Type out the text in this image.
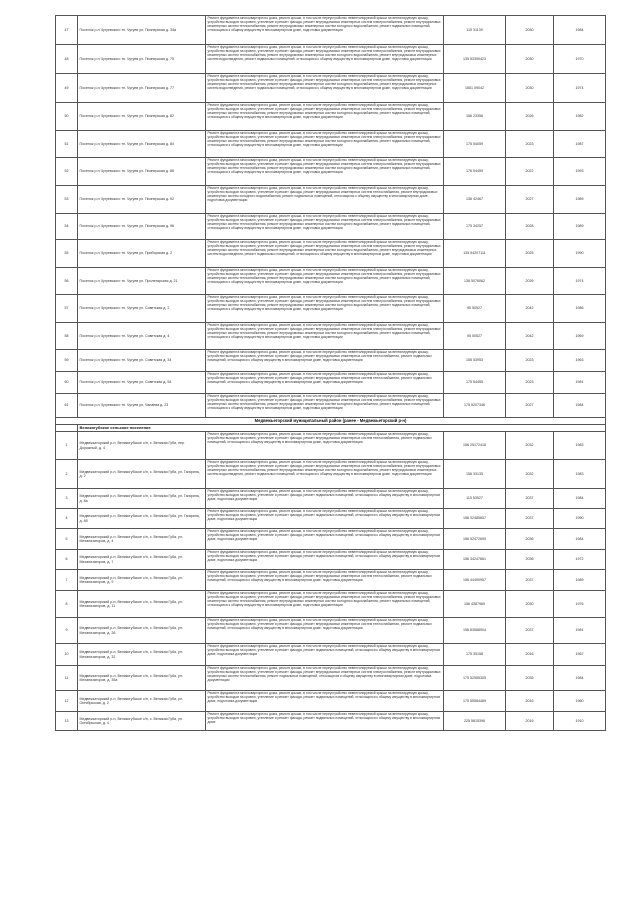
47	Поселок р-н Чугуевского тп. Чугуев ул. Пионерская д. 34а	Ремонт фундамента многоквартирного дома, ремонт крыши, в том числе переустройство невентилируемой крыши на вентилируемую крышу, устройство выходов на кровлю, утепление и ремонт фасада, ремонт внутридомовых инженерных систем электроснабжения, ремонт внутридомовых инженерных систем теплоснабжения, ремонт внутридомовых инженерных систем холодного водоснабжения, ремонт подвальных помещений, относящихся к общему имуществу в многоквартирном доме, подготовка документации	115 31139	2030	1984
48	Поселок р-н Чугуевского тп. Чугуев ул. Пионерская д. 75	Ремонт фундамента многоквартирного дома, ремонт крыши, в том числе переустройство невентилируемой крыши на вентилируемую крышу, устройство выходов на кровлю, утепление и ремонт фасада, ремонт внутридомовых инженерных систем электроснабжения, ремонт внутридомовых инженерных систем теплоснабжения, ремонт внутридомовых инженерных систем холодного водоснабжения, ремонт внутридомовых инженерных систем водоотведения, ремонт подвальных помещений, относящихся к общему имуществу в многоквартирном доме, подготовка документации	135 53390423	2030	1970
49	Поселок р-н Чугуевского тп. Чугуев ул. Пионерская д. 77	Ремонт фундамента многоквартирного дома, ремонт крыши, в том числе переустройство невентилируемой крыши на вентилируемую крышу, устройство выходов на кровлю, утепление и ремонт фасада, ремонт внутридомовых инженерных систем электроснабжения, ремонт внутридомовых инженерных систем теплоснабжения, ремонт внутридомовых инженерных систем холодного водоснабжения, ремонт внутридомовых инженерных систем водоотведения, ремонт подвальных помещений, относящихся к общему имуществу в многоквартирном доме, подготовка документации	1651 09042	2030	1974
50	Поселок р-н Чугуевского тп. Чугуев ул. Пионерская д. 82	Ремонт фундамента многоквартирного дома, ремонт крыши, в том числе переустройство невентилируемой крыши на вентилируемую крышу, устройство выходов на кровлю, утепление и ремонт фасада, ремонт внутридомовых инженерных систем электроснабжения, ремонт внутридомовых инженерных систем теплоснабжения, ремонт внутридомовых инженерных систем холодного водоснабжения, ремонт подвальных помещений, относящихся к общему имуществу в многоквартирном доме, подготовка документации	156 23356	2026	1982
51	Поселок р-н Чугуевского тп. Чугуев ул. Пионерская д. 84	Ремонт фундамента многоквартирного дома, ремонт крыши, в том числе переустройство невентилируемой крыши на вентилируемую крышу, устройство выходов на кровлю, утепление и ремонт фасада, ремонт внутридомовых инженерных систем электроснабжения, ремонт внутридомовых инженерных систем теплоснабжения, ремонт внутридомовых инженерных систем холодного водоснабжения, ремонт подвальных помещений, относящихся к общему имуществу в многоквартирном доме, подготовка документации	175 54059	2023	1987
52	Поселок р-н Чугуевского тп. Чугуев ул. Пионерская д. 86	Ремонт фундамента многоквартирного дома, ремонт крыши, в том числе переустройство невентилируемой крыши на вентилируемую крышу, устройство выходов на кровлю, утепление и ремонт фасада, ремонт внутридомовых инженерных систем электроснабжения, ремонт внутридомовых инженерных систем теплоснабжения, ремонт внутридомовых инженерных систем холодного водоснабжения, ремонт подвальных помещений, относящихся к общему имуществу в многоквартирном доме, подготовка документации	176 54459	2022	1993
53	Поселок р-н Чугуевского тп. Чугуев ул. Пионерская д. 92	Ремонт фундамента многоквартирного дома, ремонт крыши, в том числе переустройство невентилируемой крыши на вентилируемую крышу, устройство выходов на кровлю, утепление и ремонт фасада, ремонт внутридомовых инженерных систем теплоснабжения, ремонт внутридомовых инженерных систем холодного водоснабжения, ремонт подвальных помещений, относящихся к общему имуществу в многоквартирном доме, подготовка документации	136 42467	2027	1989
54	Поселок р-н Чугуевского тп. Чугуев ул. Пионерская д. 96	Ремонт фундамента многоквартирного дома, ремонт крыши, в том числе переустройство невентилируемой крыши на вентилируемую крышу, устройство выходов на кровлю, утепление и ремонт фасада, ремонт внутридомовых инженерных систем электроснабжения, ремонт внутридомовых инженерных систем теплоснабжения, ремонт внутридомовых инженерных систем холодного водоснабжения, ремонт подвальных помещений, относящихся к общему имуществу в многоквартирном доме, подготовка документации	175 34257	2028	1989
55	Поселок р-н Чугуевского тп. Чугуев ул. Приборская д. 2	Ремонт фундамента многоквартирного дома, ремонт крыши, в том числе переустройство невентилируемой крыши на вентилируемую крышу, устройство выходов на кровлю, утепление и ремонт фасада, ремонт внутридомовых инженерных систем электроснабжения, ремонт внутридомовых инженерных систем теплоснабжения, ремонт внутридомовых инженерных систем холодного водоснабжения, ремонт внутридомовых инженерных систем водоотведения, ремонт подвальных помещений, относящихся к общему имуществу в многоквартирном доме, подготовка документации	135 54207111	2025	1990
56	Поселок р-н Чугуевского тп. Чугуев ул. Пролетарская д. 21	Ремонт фундамента многоквартирного дома, ремонт крыши, в том числе переустройство невентилируемой крыши на вентилируемую крышу, устройство выходов на кровлю, утепление и ремонт фасада, ремонт внутридомовых инженерных систем электроснабжения, ремонт внутридомовых инженерных систем теплоснабжения, ремонт внутридомовых инженерных систем холодного водоснабжения, ремонт подвальных помещений, относящихся к общему имуществу в многоквартирном доме, подготовка документации	138 5076062	2026	1974
57	Поселок р-н Чугуевского тп. Чугуев ул. Советская д. 2	Ремонт фундамента многоквартирного дома, ремонт крыши, в том числе переустройство невентилируемой крыши на вентилируемую крышу, устройство выходов на кровлю, утепление и ремонт фасада, ремонт внутридомовых инженерных систем электроснабжения, ремонт внутридомовых инженерных систем теплоснабжения, ремонт внутридомовых инженерных систем холодного водоснабжения, ремонт подвальных помещений, относящихся к общему имуществу в многоквартирном доме, подготовка документации	95 50527	2042	1986
58	Поселок р-н Чугуевского тп. Чугуев ул. Советская д. 4	Ремонт фундамента многоквартирного дома, ремонт крыши, в том числе переустройство невентилируемой крыши на вентилируемую крышу, устройство выходов на кровлю, утепление и ремонт фасада, ремонт внутридомовых инженерных систем электроснабжения, ремонт внутридомовых инженерных систем теплоснабжения, ремонт внутридомовых инженерных систем холодного водоснабжения, ремонт подвальных помещений, относящихся к общему имуществу в многоквартирном доме, подготовка документации	95 50527	2042	1969
59	Поселок р-н Чугуевского тп. Чугуев ул. Советская д. 34	Ремонт фундамента многоквартирного дома, ремонт крыши, в том числе переустройство невентилируемой крыши на вентилируемую крышу, устройство выходов на кровлю, утепление и ремонт фасада, ремонт внутридомовых инженерных систем теплоснабжения, ремонт подвальных помещений, относящихся к общему имуществу в многоквартирном доме, подготовка документации	155 53953	2023	1963
60	Поселок р-н Чугуевского тп. Чугуев ул. Советская д. 54	Ремонт фундамента многоквартирного дома, ремонт крыши, в том числе переустройство невентилируемой крыши на вентилируемую крышу, устройство выходов на кровлю, утепление и ремонт фасада, ремонт внутридомовых инженерных систем теплоснабжения, ремонт подвальных помещений, относящихся к общему имуществу в многоквартирном доме, подготовка документации	175 54455	2023	1981
61	Поселок р-н Чугуевского тп. Чугуев ул. Чапаева д. 23	Ремонт фундамента многоквартирного дома, ремонт крыши, в том числе переустройство невентилируемой крыши на вентилируемую крышу, устройство выходов на кровлю, утепление и ремонт фасада, ремонт внутридомовых инженерных систем электроснабжения, ремонт внутридомовых инженерных систем теплоснабжения, ремонт внутридомовых инженерных систем холодного водоснабжения, ремонт подвальных помещений, относящихся к общему имуществу в многоквартирном доме, подготовка документации	175 5207346	2027	1984
Медвежьегорский муниципальный район (ранее - Медвежьегорский р-н)					
	Великогубское сельское поселение				
1	Медвежьегорский р-н, Великогубское с/п, с. Великая Губа, пер. Дорожный, д. 4	Ремонт фундамента многоквартирного дома, ремонт крыши, в том числе переустройство невентилируемой крыши на вентилируемую крышу, устройство выходов на кровлю, утепление и ремонт фасада, ремонт внутридомовых инженерных систем теплоснабжения, ремонт подвальных помещений, относящихся к общему имуществу в многоквартирном доме, подготовка документации	156 25172418	2032	1983
2	Медвежьегорский р-н, Великогубское с/п, с. Великая Губа, ул. Гагарина, д. 2	Ремонт фундамента многоквартирного дома, ремонт крыши, в том числе переустройство невентилируемой крыши на вентилируемую крышу, устройство выходов на кровлю, утепление и ремонт фасада, ремонт внутридомовых инженерных систем электроснабжения, ремонт внутридомовых инженерных систем теплоснабжения, ремонт внутридомовых инженерных систем холодного водоснабжения, ремонт внутридомовых инженерных систем водоотведения, ремонт подвальных помещений, относящихся к общему имуществу в многоквартирном доме, подготовка документации	156 33135	2032	1983
3	Медвежьегорский р-н, Великогубское с/п, с. Великая Губа, ул. Гагарина, д. 8а	Ремонт фундамента многоквартирного дома, ремонт крыши, в том числе переустройство невентилируемой крыши на вентилируемую крышу, устройство выходов на кровлю, утепление и ремонт фасада, ремонт подвальных помещений, относящихся к общему имуществу в многоквартирном доме, подготовка документации	115 53527	2037	1984
4	Медвежьегорский р-н, Великогубское с/п, с. Великая Губа, ул. Гагарина, д. 8б	Ремонт фундамента многоквартирного дома, ремонт крыши, в том числе переустройство невентилируемой крыши на вентилируемую крышу, устройство выходов на кровлю, утепление и ремонт фасада, ремонт подвальных помещений, относящихся к общему имуществу в многоквартирном доме, подготовка документации	156 32485857	2037	1990
5	Медвежьегорский р-н, Великогубское с/п, с. Великая Губа, ул. Механизаторов, д. 4	Ремонт фундамента многоквартирного дома, ремонт крыши, в том числе переустройство невентилируемой крыши на вентилируемую крышу, устройство выходов на кровлю, утепление и ремонт фасада, ремонт подвальных помещений, относящихся к общему имуществу в многоквартирном доме, подготовка документации	156 52472690	2036	1984
6	Медвежьегорский р-н, Великогубское с/п, с. Великая Губа, ул. Механизаторов, д. 7	Ремонт фундамента многоквартирного дома, ремонт крыши, в том числе переустройство невентилируемой крыши на вентилируемую крышу, устройство выходов на кровлю, утепление и ремонт фасада, ремонт подвальных помещений, относящихся к общему имуществу в многоквартирном доме, подготовка документации	156 34247661	2036	1972
7	Медвежьегорский р-н, Великогубское с/п, с. Великая Губа, ул. Механизаторов, д. 9	Ремонт фундамента многоквартирного дома, ремонт крыши, в том числе переустройство невентилируемой крыши на вентилируемую крышу, устройство выходов на кровлю, утепление и ремонт фасада, ремонт внутридомовых инженерных систем теплоснабжения, ремонт подвальных помещений, относящихся к общему имуществу в многоквартирном доме, подготовка документации	156 44490957	2037	1989
8	Медвежьегорский р-н, Великогубское с/п, с. Великая Губа, ул. Механизаторов, д. 11	Ремонт фундамента многоквартирного дома, ремонт крыши, в том числе переустройство невентилируемой крыши на вентилируемую крышу, устройство выходов на кровлю, утепление и ремонт фасада, ремонт внутридомовых инженерных систем электроснабжения, ремонт внутридомовых инженерных систем теплоснабжения, ремонт внутридомовых инженерных систем холодного водоснабжения, ремонт подвальных помещений, относящихся к общему имуществу в многоквартирном доме, подготовка документации	156 4387969	2030	1976
9	Медвежьегорский р-н, Великогубское с/п, с. Великая Губа, ул. Механизаторов, д. 26	Ремонт фундамента многоквартирного дома, ремонт крыши, в том числе переустройство невентилируемой крыши на вентилируемую крышу, устройство выходов на кровлю, утепление и ремонт фасада, ремонт внутридомовых инженерных систем теплоснабжения, ремонт подвальных помещений, относящихся к общему имуществу в многоквартирном доме, подготовка документации	156 83588904	2037	1981
10	Медвежьегорский р-н, Великогубское с/п, с. Великая Губа, ул. Механизаторов, д. 32	Ремонт фундамента многоквартирного дома, ремонт крыши, в том числе переустройство невентилируемой крыши на вентилируемую крышу, устройство выходов на кровлю, утепление и ремонт фасада, ремонт подвальных помещений, относящихся к общему имуществу в многоквартирном доме, подготовка документации	175 35158	2016	1967
11	Медвежьегорский р-н, Великогубское с/п, с. Великая Губа, ул. Механизаторов, д. 35а	Ремонт фундамента многоквартирного дома, ремонт крыши, в том числе переустройство невентилируемой крыши на вентилируемую крышу, устройство выходов на кровлю, утепление и ремонт фасада, ремонт внутридомовых инженерных систем электроснабжения, ремонт внутридомовых инженерных систем теплоснабжения, ремонт подвальных помещений, относящихся к общему имуществу в многоквартирном доме, подготовка документации	175 52555305	2035	1984
12	Медвежьегорский р-н, Великогубское с/п, с. Великая Губа, ул. Октябрьская, д. 2	Ремонт фундамента многоквартирного дома, ремонт крыши, в том числе переустройство невентилируемой крыши на вентилируемую крышу, устройство выходов на кровлю, утепление и ремонт фасада, ремонт подвальных помещений, относящихся к общему имуществу в многоквартирном доме, подготовка документации	175 55584489	2016	1960
13	Медвежьегорский р-н, Великогубское с/п, с. Великая Губа, ул. Октябрьская, д. 4	Ремонт фундамента многоквартирного дома, ремонт крыши, в том числе переустройство невентилируемой крыши на вентилируемую крышу, устройство выходов на кровлю, утепление и ремонт фасада, ремонт подвальных помещений, относящихся к общему имуществу в многоквартирном доме	225 5815396	2016	1910
